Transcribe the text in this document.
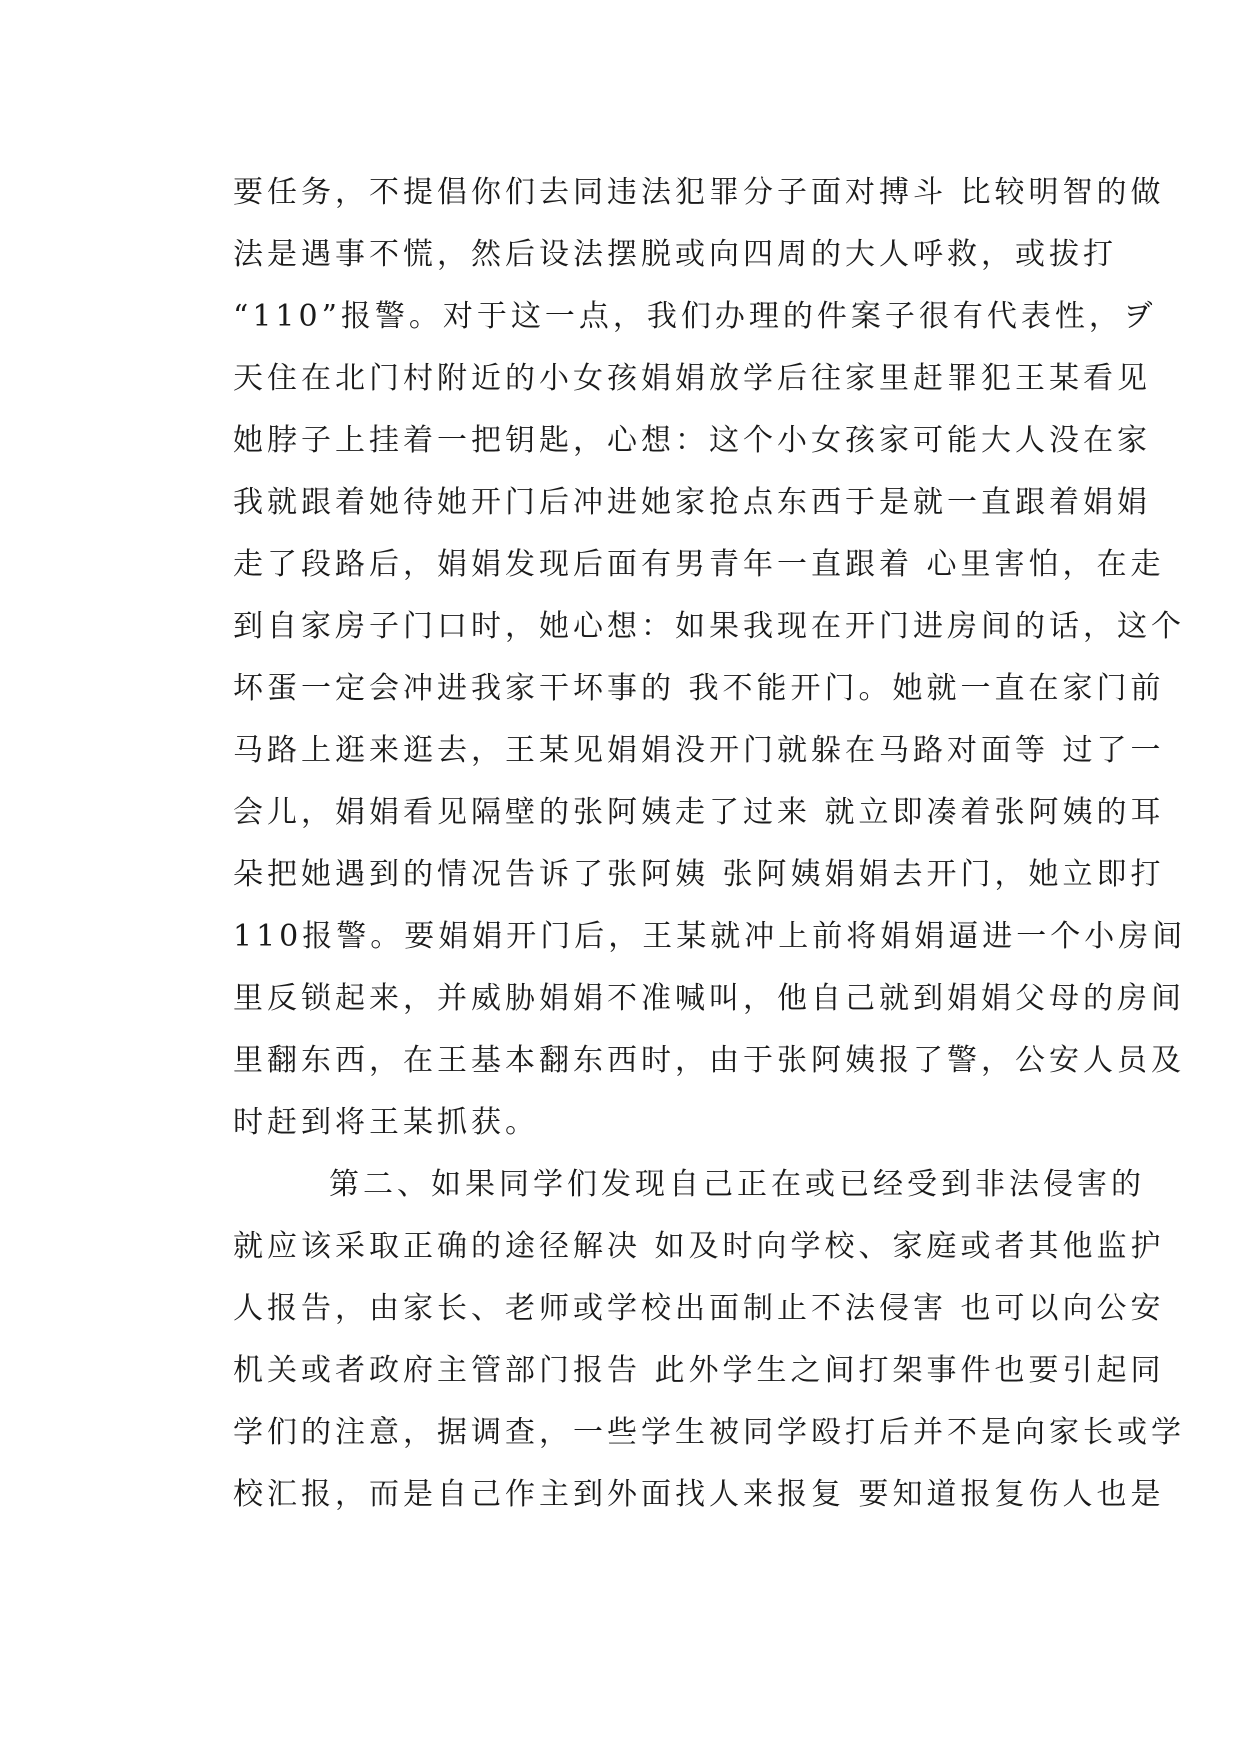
要任务，不提倡你们去同违法犯罪分子面对搏斗 比较明智的做
法是遇事不慌，然后设法摆脱或向四周的大人呼救，或拔打
“110”报警。对于这一点，我们办理的件案子很有代表性，ヺ
天住在北门村附近的小女孩娟娟放学后往家里赶罪犯王某看见
她脖子上挂着一把钥匙，心想：这个小女孩家可能大人没在家
我就跟着她待她开门后冲进她家抢点东西于是就一直跟着娟娟
走了段路后，娟娟发现后面有男青年一直跟着 心里害怕，在走
到自家房子门口时，她心想：如果我现在开门进房间的话，这个
坏蛋一定会冲进我家干坏事的 我不能开门。她就一直在家门前
马路上逛来逛去，王某见娟娟没开门就躲在马路对面等 过了一
会儿，娟娟看见隔壁的张阿姨走了过来 就立即凑着张阿姨的耳
朵把她遇到的情况告诉了张阿姨 张阿姨娟娟去开门，她立即打
110报警。要娟娟开门后，王某就冲上前将娟娟逼进一个小房间
里反锁起来，并威胁娟娟不准喊叫，他自己就到娟娟父母的房间
里翻东西，在王基本翻东西时，由于张阿姨报了警，公安人员及
时赶到将王某抓获。
第二、如果同学们发现自己正在或已经受到非法侵害的
就应该采取正确的途径解决 如及时向学校、家庭或者其他监护
人报告，由家长、老师或学校出面制止不法侵害 也可以向公安
机关或者政府主管部门报告 此外学生之间打架事件也要引起同
学们的注意，据调查，一些学生被同学殴打后并不是向家长或学
校汇报，而是自己作主到外面找人来报复 要知道报复伤人也是
